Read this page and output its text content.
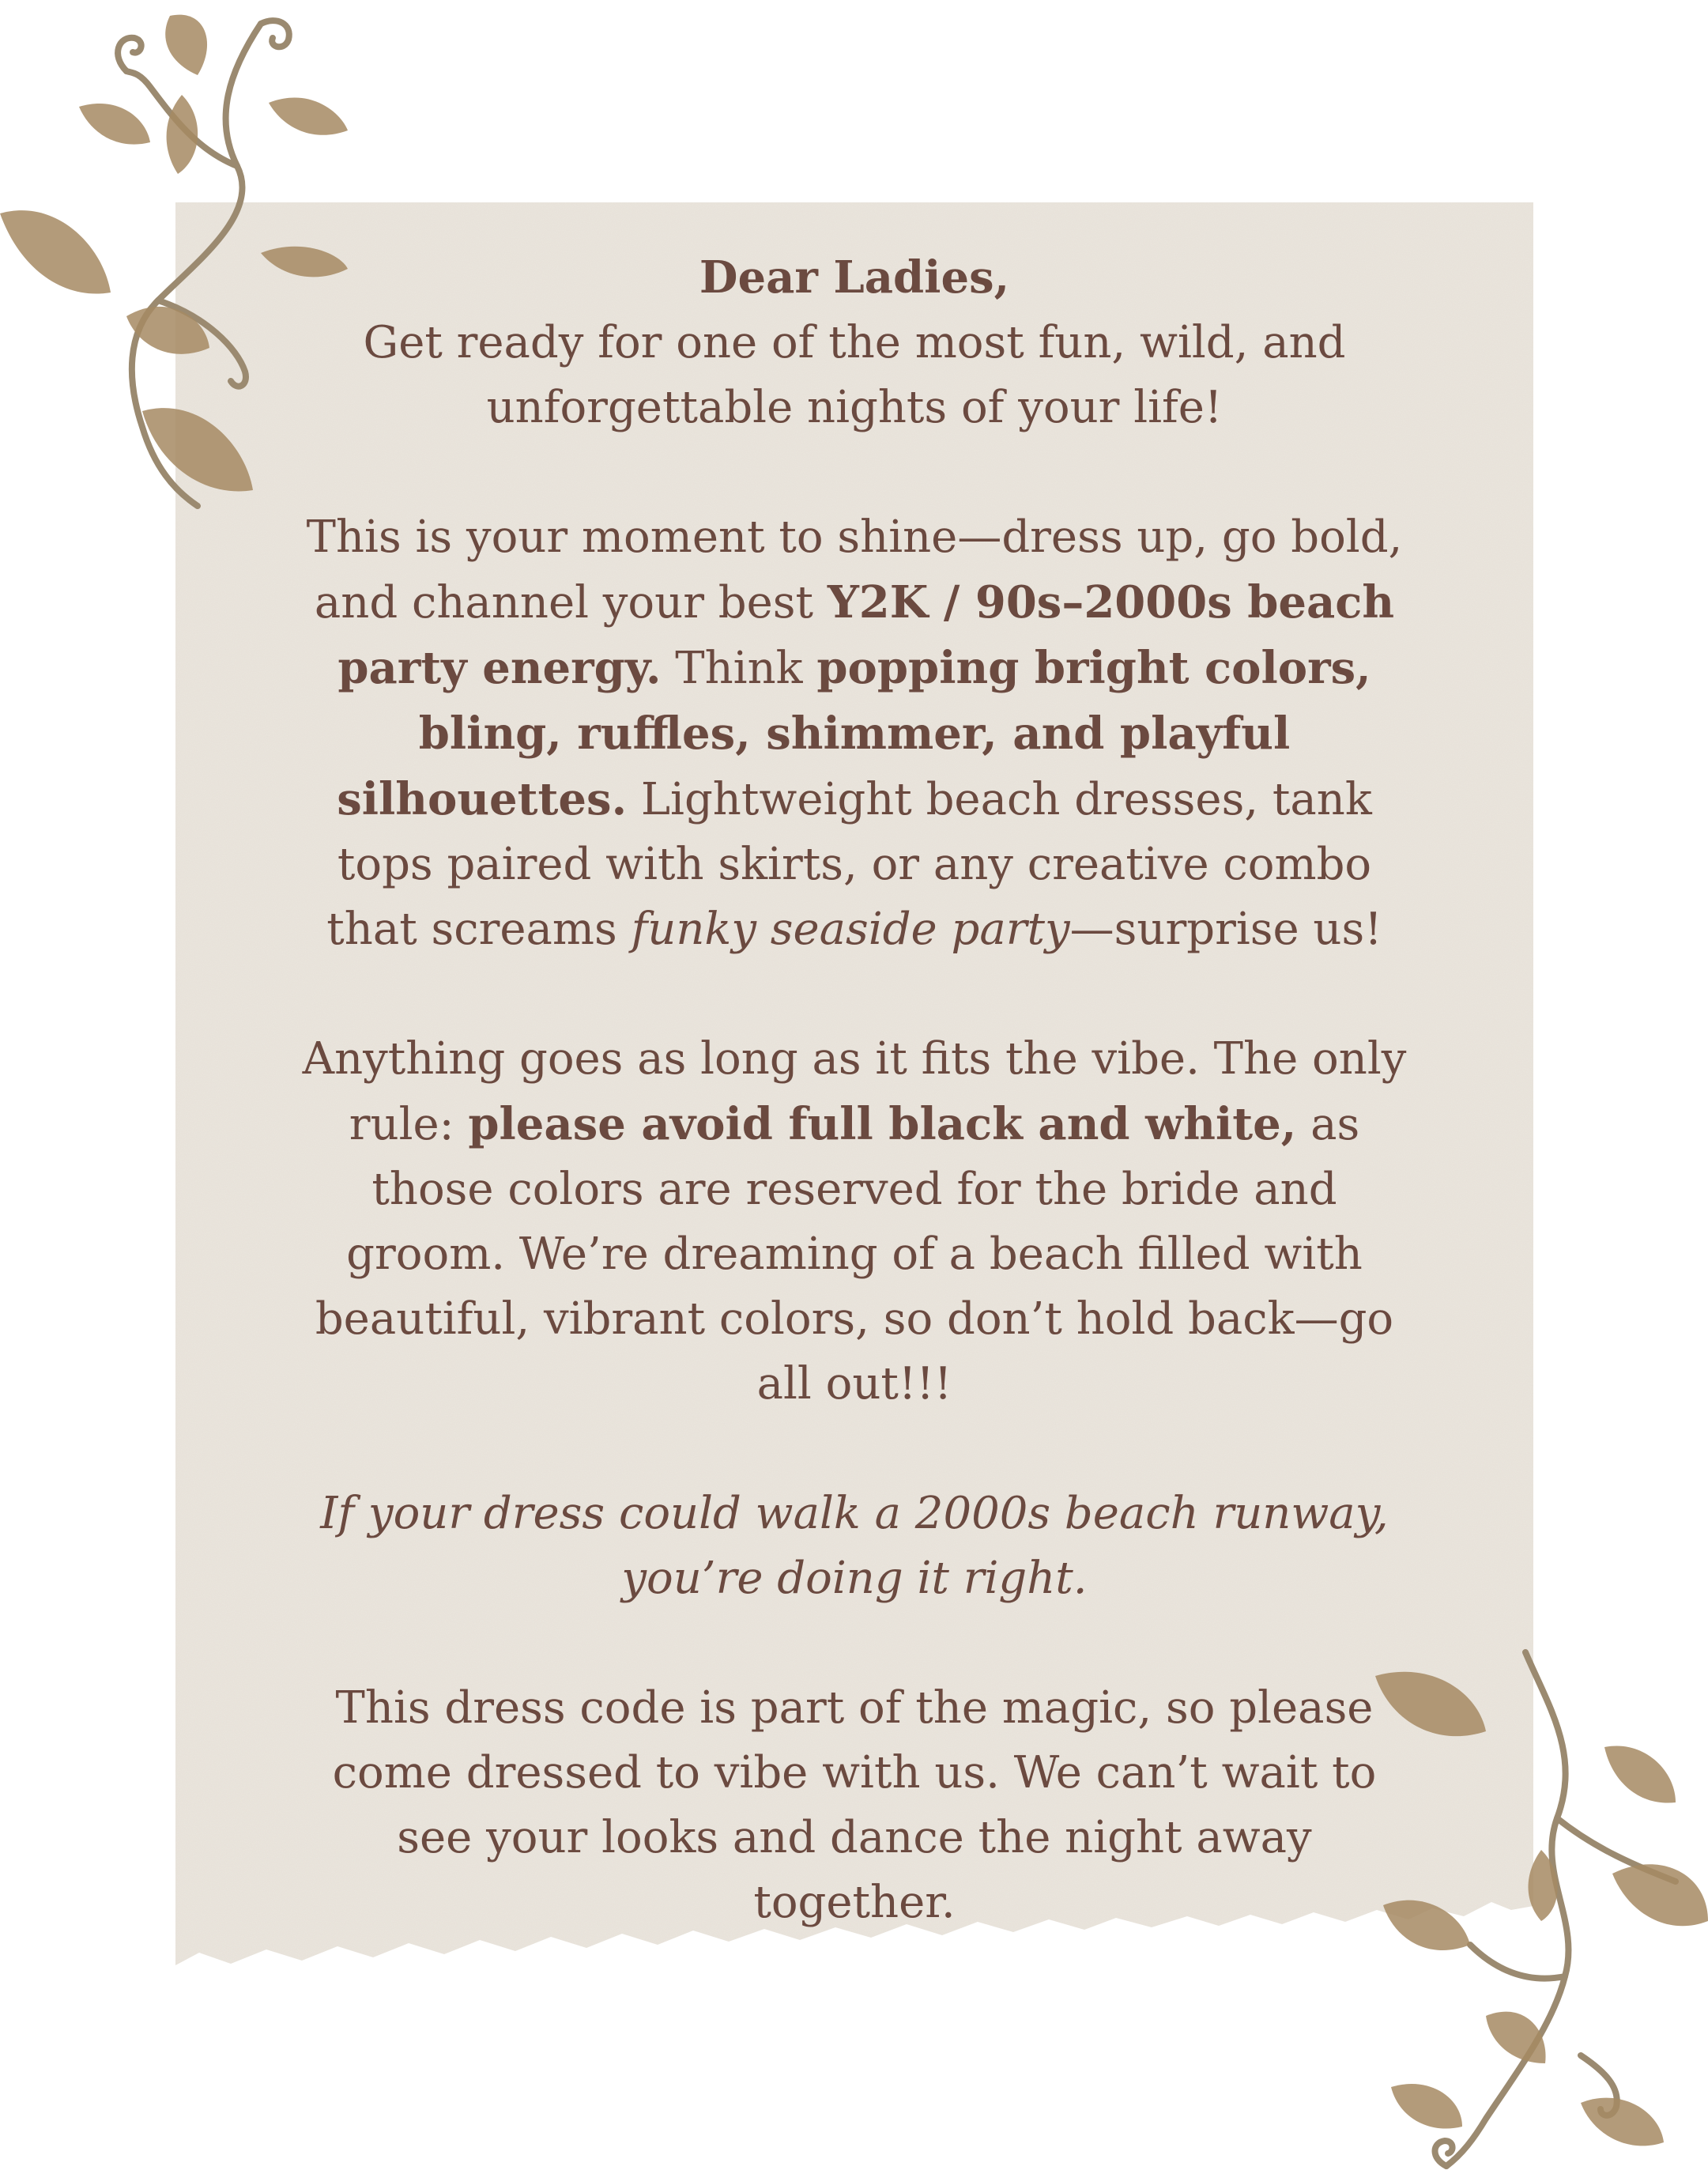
Dear Ladies,
Get ready for one of the most fun, wild, and unforgettable nights of your life!

This is your moment to shine—dress up, go bold, and channel your best Y2K / 90s–2000s beach party energy. Think popping bright colors, bling, ruffles, shimmer, and playful silhouettes. Lightweight beach dresses, tank tops paired with skirts, or any creative combo that screams funky seaside party—surprise us!

Anything goes as long as it fits the vibe. The only rule: please avoid full black and white, as those colors are reserved for the bride and groom. We’re dreaming of a beach filled with beautiful, vibrant colors, so don’t hold back—go all out!!!

If your dress could walk a 2000s beach runway,
you’re doing it right.

This dress code is part of the magic, so please come dressed to vibe with us. We can’t wait to see your looks and dance the night away together.
